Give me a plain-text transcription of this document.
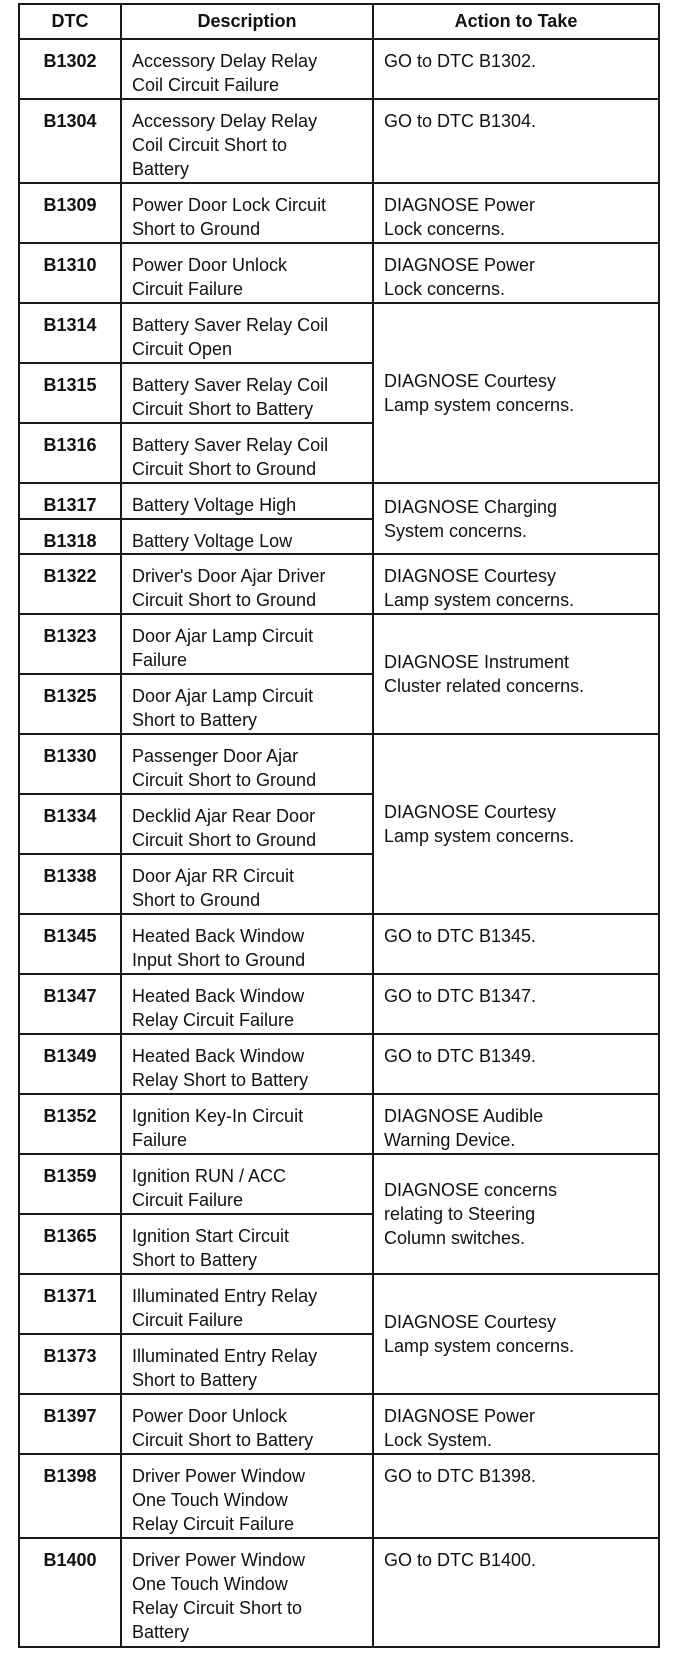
DTC	Description	Action to Take
B1302	Accessory Delay Relay
Coil Circuit Failure	GO to DTC B1302.
B1304	Accessory Delay Relay
Coil Circuit Short to
Battery	GO to DTC B1304.
B1309	Power Door Lock Circuit
Short to Ground	DIAGNOSE Power
Lock concerns.
B1310	Power Door Unlock
Circuit Failure	DIAGNOSE Power
Lock concerns.
B1314	Battery Saver Relay Coil
Circuit Open	DIAGNOSE Courtesy
Lamp system concerns.
B1315	Battery Saver Relay Coil
Circuit Short to Battery	
B1316	Battery Saver Relay Coil
Circuit Short to Ground	
B1317	Battery Voltage High	DIAGNOSE Charging
System concerns.
B1318	Battery Voltage Low	
B1322	Driver's Door Ajar Driver
Circuit Short to Ground	DIAGNOSE Courtesy
Lamp system concerns.
B1323	Door Ajar Lamp Circuit
Failure	DIAGNOSE Instrument
Cluster related concerns.
B1325	Door Ajar Lamp Circuit
Short to Battery	
B1330	Passenger Door Ajar
Circuit Short to Ground	DIAGNOSE Courtesy
Lamp system concerns.
B1334	Decklid Ajar Rear Door
Circuit Short to Ground	
B1338	Door Ajar RR Circuit
Short to Ground	
B1345	Heated Back Window
Input Short to Ground	GO to DTC B1345.
B1347	Heated Back Window
Relay Circuit Failure	GO to DTC B1347.
B1349	Heated Back Window
Relay Short to Battery	GO to DTC B1349.
B1352	Ignition Key-In Circuit
Failure	DIAGNOSE Audible
Warning Device.
B1359	Ignition RUN / ACC
Circuit Failure	DIAGNOSE concerns
relating to Steering
Column switches.
B1365	Ignition Start Circuit
Short to Battery	
B1371	Illuminated Entry Relay
Circuit Failure	DIAGNOSE Courtesy
Lamp system concerns.
B1373	Illuminated Entry Relay
Short to Battery	
B1397	Power Door Unlock
Circuit Short to Battery	DIAGNOSE Power
Lock System.
B1398	Driver Power Window
One Touch Window
Relay Circuit Failure	GO to DTC B1398.
B1400	Driver Power Window
One Touch Window
Relay Circuit Short to
Battery	GO to DTC B1400.
